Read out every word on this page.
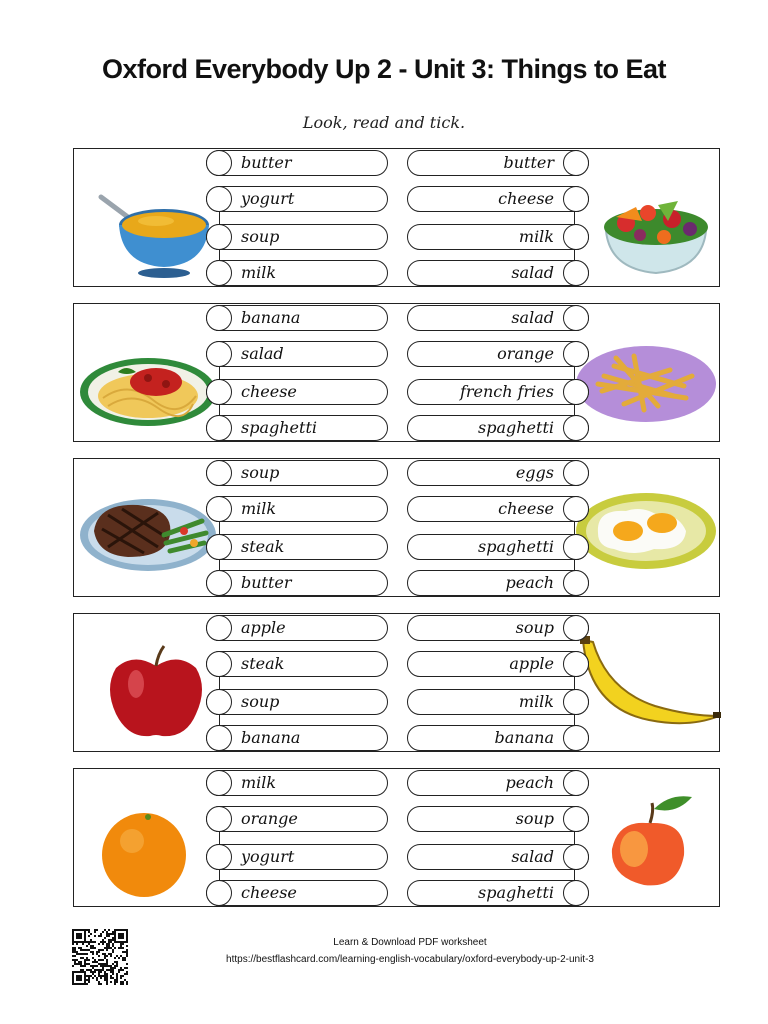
Oxford Everybody Up 2 - Unit 3: Things to Eat
Look, read and tick.
butter
yogurt
soup
milk
butter
cheese
milk
salad
banana
salad
cheese
spaghetti
salad
orange
french fries
spaghetti
soup
milk
steak
butter
eggs
cheese
spaghetti
peach
apple
steak
soup
banana
soup
apple
milk
banana
milk
orange
yogurt
cheese
peach
soup
salad
spaghetti
Learn & Download PDF worksheet
https://bestflashcard.com/learning-english-vocabulary/oxford-everybody-up-2-unit-3
